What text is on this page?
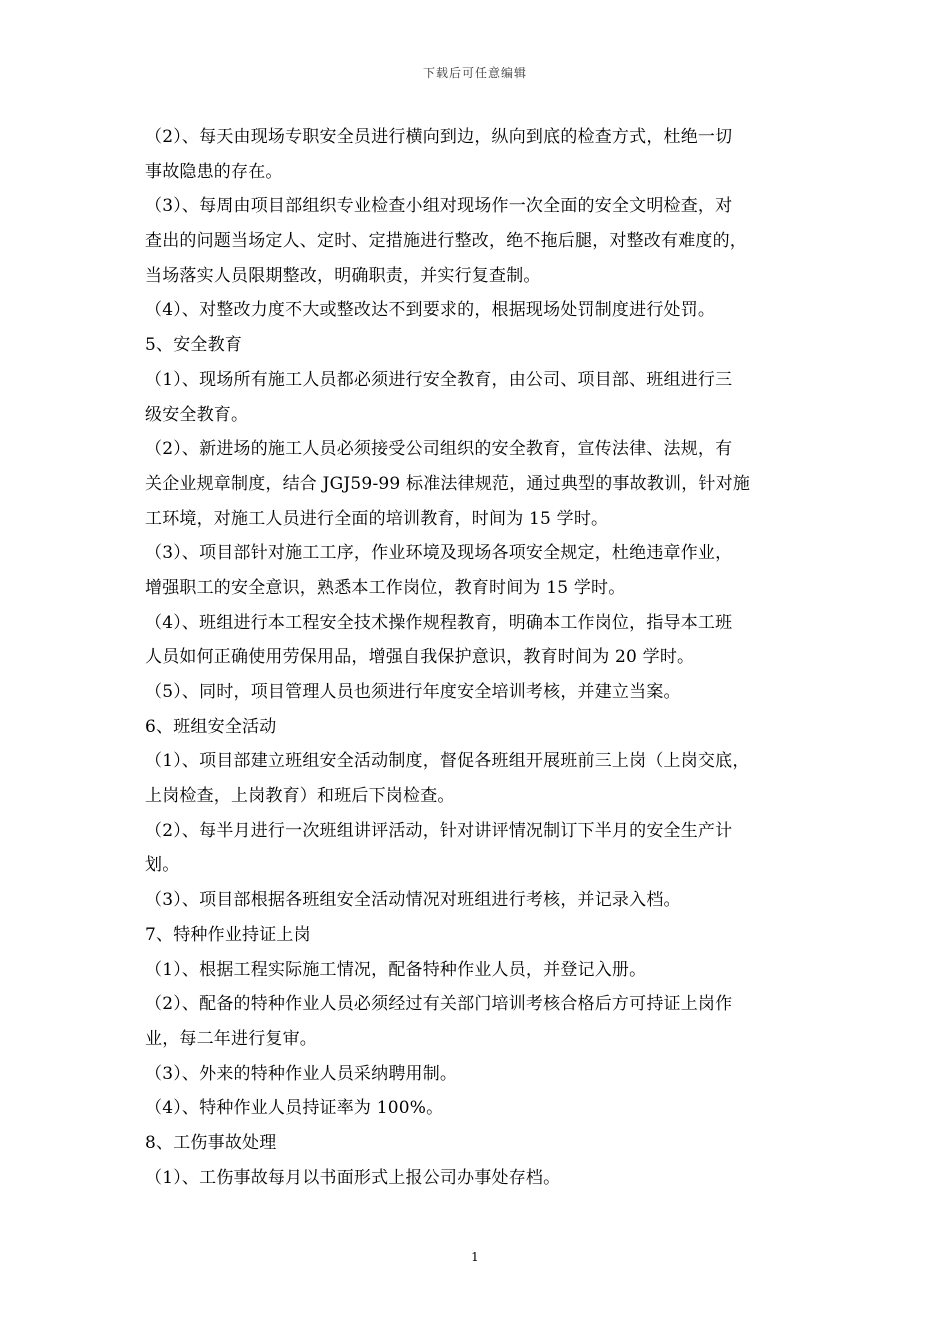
下载后可任意编辑
（2）、每天由现场专职安全员进行横向到边，纵向到底的检查方式，杜绝一切
事故隐患的存在。
（3）、每周由项目部组织专业检查小组对现场作一次全面的安全文明检查，对
查出的问题当场定人、定时、定措施进行整改，绝不拖后腿，对整改有难度的，
当场落实人员限期整改，明确职责，并实行复查制。
（4）、对整改力度不大或整改达不到要求的，根据现场处罚制度进行处罚。
5、安全教育
（1）、现场所有施工人员都必须进行安全教育，由公司、项目部、班组进行三
级安全教育。
（2）、新进场的施工人员必须接受公司组织的安全教育，宣传法律、法规，有
关企业规章制度，结合 JGJ59-99 标准法律规范，通过典型的事故教训，针对施
工环境，对施工人员进行全面的培训教育，时间为 15 学时。
（3）、项目部针对施工工序，作业环境及现场各项安全规定，杜绝违章作业，
增强职工的安全意识，熟悉本工作岗位，教育时间为 15 学时。
（4）、班组进行本工程安全技术操作规程教育，明确本工作岗位，指导本工班
人员如何正确使用劳保用品，增强自我保护意识，教育时间为 20 学时。
（5）、同时，项目管理人员也须进行年度安全培训考核，并建立当案。
6、班组安全活动
（1）、项目部建立班组安全活动制度，督促各班组开展班前三上岗（上岗交底，
上岗检查，上岗教育）和班后下岗检查。
（2）、每半月进行一次班组讲评活动，针对讲评情况制订下半月的安全生产计
划。
（3）、项目部根据各班组安全活动情况对班组进行考核，并记录入档。
7、特种作业持证上岗
（1）、根据工程实际施工情况，配备特种作业人员，并登记入册。
（2）、配备的特种作业人员必须经过有关部门培训考核合格后方可持证上岗作
业，每二年进行复审。
（3）、外来的特种作业人员采纳聘用制。
（4）、特种作业人员持证率为 100%。
8、工伤事故处理
（1）、工伤事故每月以书面形式上报公司办事处存档。
1
